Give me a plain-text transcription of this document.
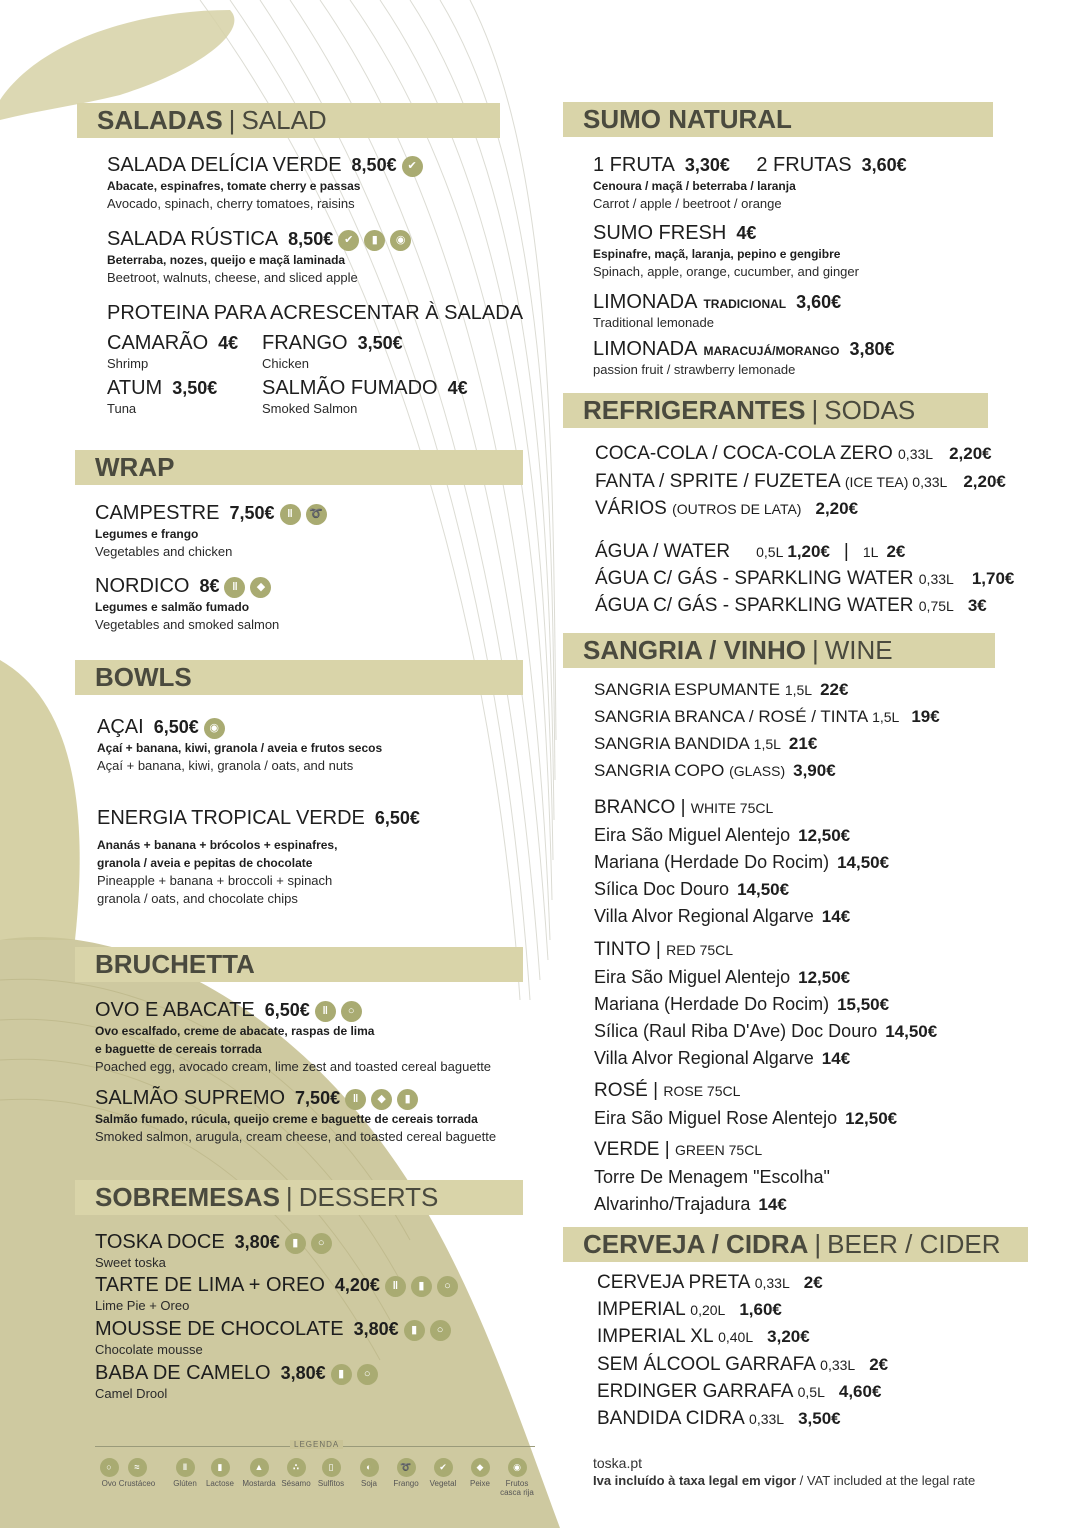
SALADAS | SALAD
SALADA DELÍCIA VERDE 8,50€ ✔
Abacate, espinafres, tomate cherry e passas
Avocado, spinach, cherry tomatoes, raisins
SALADA RÚSTICA 8,50€ ✔ ▮ ◉
Beterraba, nozes, queijo e maçã laminada
Beetroot, walnuts, cheese, and sliced apple
PROTEINA PARA ACRESCENTAR À SALADA
CAMARÃO 4€
Shrimp
FRANGO 3,50€
Chicken
ATUM 3,50€
Tuna
SALMÃO FUMADO 4€
Smoked Salmon
WRAP
CAMPESTRE 7,50€ ‖ ➰
Legumes e frango
Vegetables and chicken
NORDICO 8€ ‖ ◆
Legumes e salmão fumado
Vegetables and smoked salmon
BOWLS
AÇAI 6,50€ ◉
Açaí + banana, kiwi, granola / aveia e frutos secos
Açaí + banana, kiwi, granola / oats, and nuts
ENERGIA TROPICAL VERDE 6,50€
Ananás + banana + brócolos + espinafres,
granola / aveia e pepitas de chocolate
Pineapple + banana + broccoli + spinach
granola / oats, and chocolate chips
BRUCHETTA
OVO E ABACATE 6,50€ ‖ ○
Ovo escalfado, creme de abacate, raspas de lima
e baguette de cereais torrada
Poached egg, avocado cream, lime zest and toasted cereal baguette
SALMÃO SUPREMO 7,50€ ‖ ◆ ▮
Salmão fumado, rúcula, queijo creme e baguette de cereais torrada
Smoked salmon, arugula, cream cheese, and toasted cereal baguette
SOBREMESAS | DESSERTS
TOSKA DOCE 3,80€ ▮ ○
Sweet toska
TARTE DE LIMA + OREO 4,20€ ‖ ▮ ○
Lime Pie + Oreo
MOUSSE DE CHOCOLATE 3,80€ ▮ ○
Chocolate mousse
BABA DE CAMELO 3,80€ ▮ ○
Camel Drool
LEGENDA
○
Ovo
≈
Crustáceo
‖
Glúten
▮
Lactose
▲
Mostarda
∴
Sésamo
▯
Sulfitos
◐
Soja
➰
Frango
✔
Vegetal
◆
Peixe
◉
Frutos casca rija
SUMO NATURAL
1 FRUTA 3,30€ 2 FRUTAS 3,60€
Cenoura / maçã / beterraba / laranja
Carrot / apple / beetroot / orange
SUMO FRESH 4€
Espinafre, maçã, laranja, pepino e gengibre
Spinach, apple, orange, cucumber, and ginger
LIMONADA TRADICIONAL 3,60€
Traditional lemonade
LIMONADA MARACUJÁ/MORANGO 3,80€
passion fruit / strawberry lemonade
REFRIGERANTES | SODAS
COCA-COLA / COCA-COLA ZERO 0,33L 2,20€
FANTA / SPRITE / FUZETEA (ICE TEA) 0,33L 2,20€
VÁRIOS (OUTROS DE LATA) 2,20€
ÁGUA / WATER 0,5L 1,20€ | 1L 2€
ÁGUA C/ GÁS - SPARKLING WATER 0,33L 1,70€
ÁGUA C/ GÁS - SPARKLING WATER 0,75L 3€
SANGRIA / VINHO | WINE
SANGRIA ESPUMANTE 1,5L 22€
SANGRIA BRANCA / ROSÉ / TINTA 1,5L 19€
SANGRIA BANDIDA 1,5L 21€
SANGRIA COPO (GLASS) 3,90€
BRANCO | WHITE 75CL
Eira São Miguel Alentejo 12,50€
Mariana (Herdade Do Rocim) 14,50€
Sílica Doc Douro 14,50€
Villa Alvor Regional Algarve 14€
TINTO | RED 75CL
Eira São Miguel Alentejo 12,50€
Mariana (Herdade Do Rocim) 15,50€
Sílica (Raul Riba D'Ave) Doc Douro 14,50€
Villa Alvor Regional Algarve 14€
ROSÉ | ROSE 75CL
Eira São Miguel Rose Alentejo 12,50€
VERDE | GREEN 75CL
Torre De Menagem "Escolha"
Alvarinho/Trajadura 14€
CERVEJA / CIDRA | BEER / CIDER
CERVEJA PRETA 0,33L 2€
IMPERIAL 0,20L 1,60€
IMPERIAL XL 0,40L 3,20€
SEM ÁLCOOL GARRAFA 0,33L 2€
ERDINGER GARRAFA 0,5L 4,60€
BANDIDA CIDRA 0,33L 3,50€
toska.pt
Iva incluído à taxa legal em vigor / VAT included at the legal rate
